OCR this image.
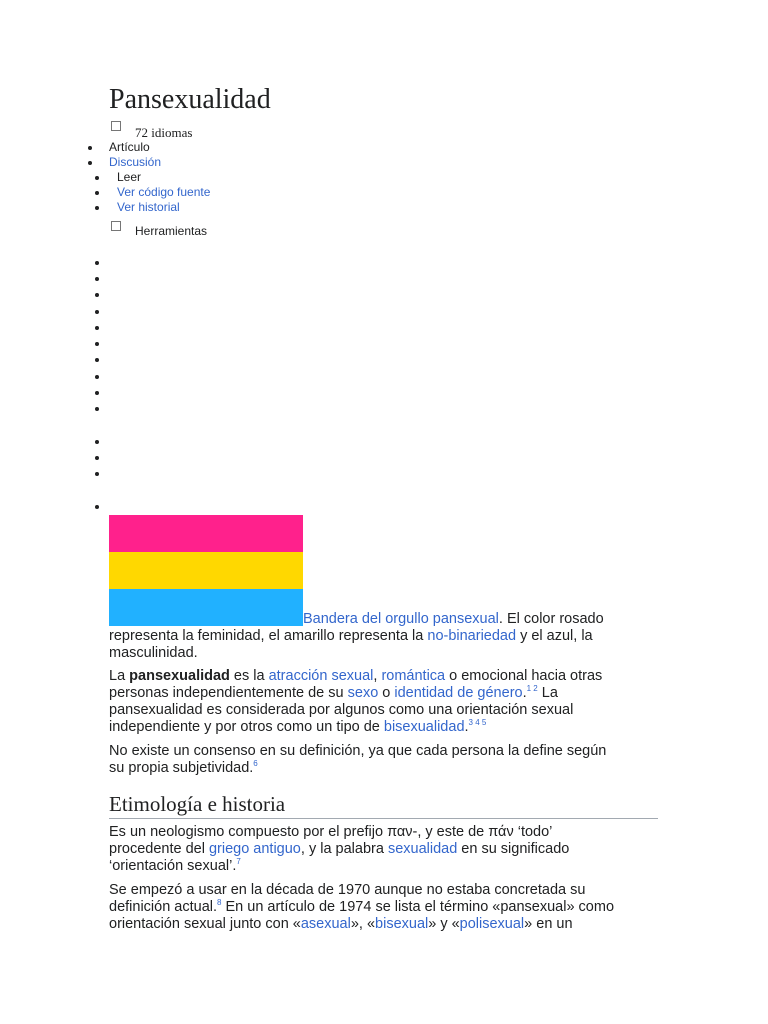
Pansexualidad
72 idiomas
Artículo
Discusión
Leer
Ver código fuente
Ver historial
Herramientas
Bandera del orgullo pansexual. El color rosado
representa la feminidad, el amarillo representa la no-binariedad y el azul, la
masculinidad.
La pansexualidad es la atracción sexual, romántica o emocional hacia otras
personas independientemente de su sexo o identidad de género.$^{1 2}$ La
pansexualidad es considerada por algunos como una orientación sexual
independiente y por otros como un tipo de bisexualidad.$^{3 4 5}$
No existe un consenso en su definición, ya que cada persona la define según
su propia subjetividad.$^6$
Etimología e historia
Es un neologismo compuesto por el prefijo παν-, y este de πάν ‘todo’
procedente del griego antiguo, y la palabra sexualidad en su significado
‘orientación sexual’.$^7$
Se empezó a usar en la década de 1970 aunque no estaba concretada su
definición actual.$^8$ En un artículo de 1974 se lista el término «pansexual» como
orientación sexual junto con «asexual», «bisexual» y «polisexual» en un
